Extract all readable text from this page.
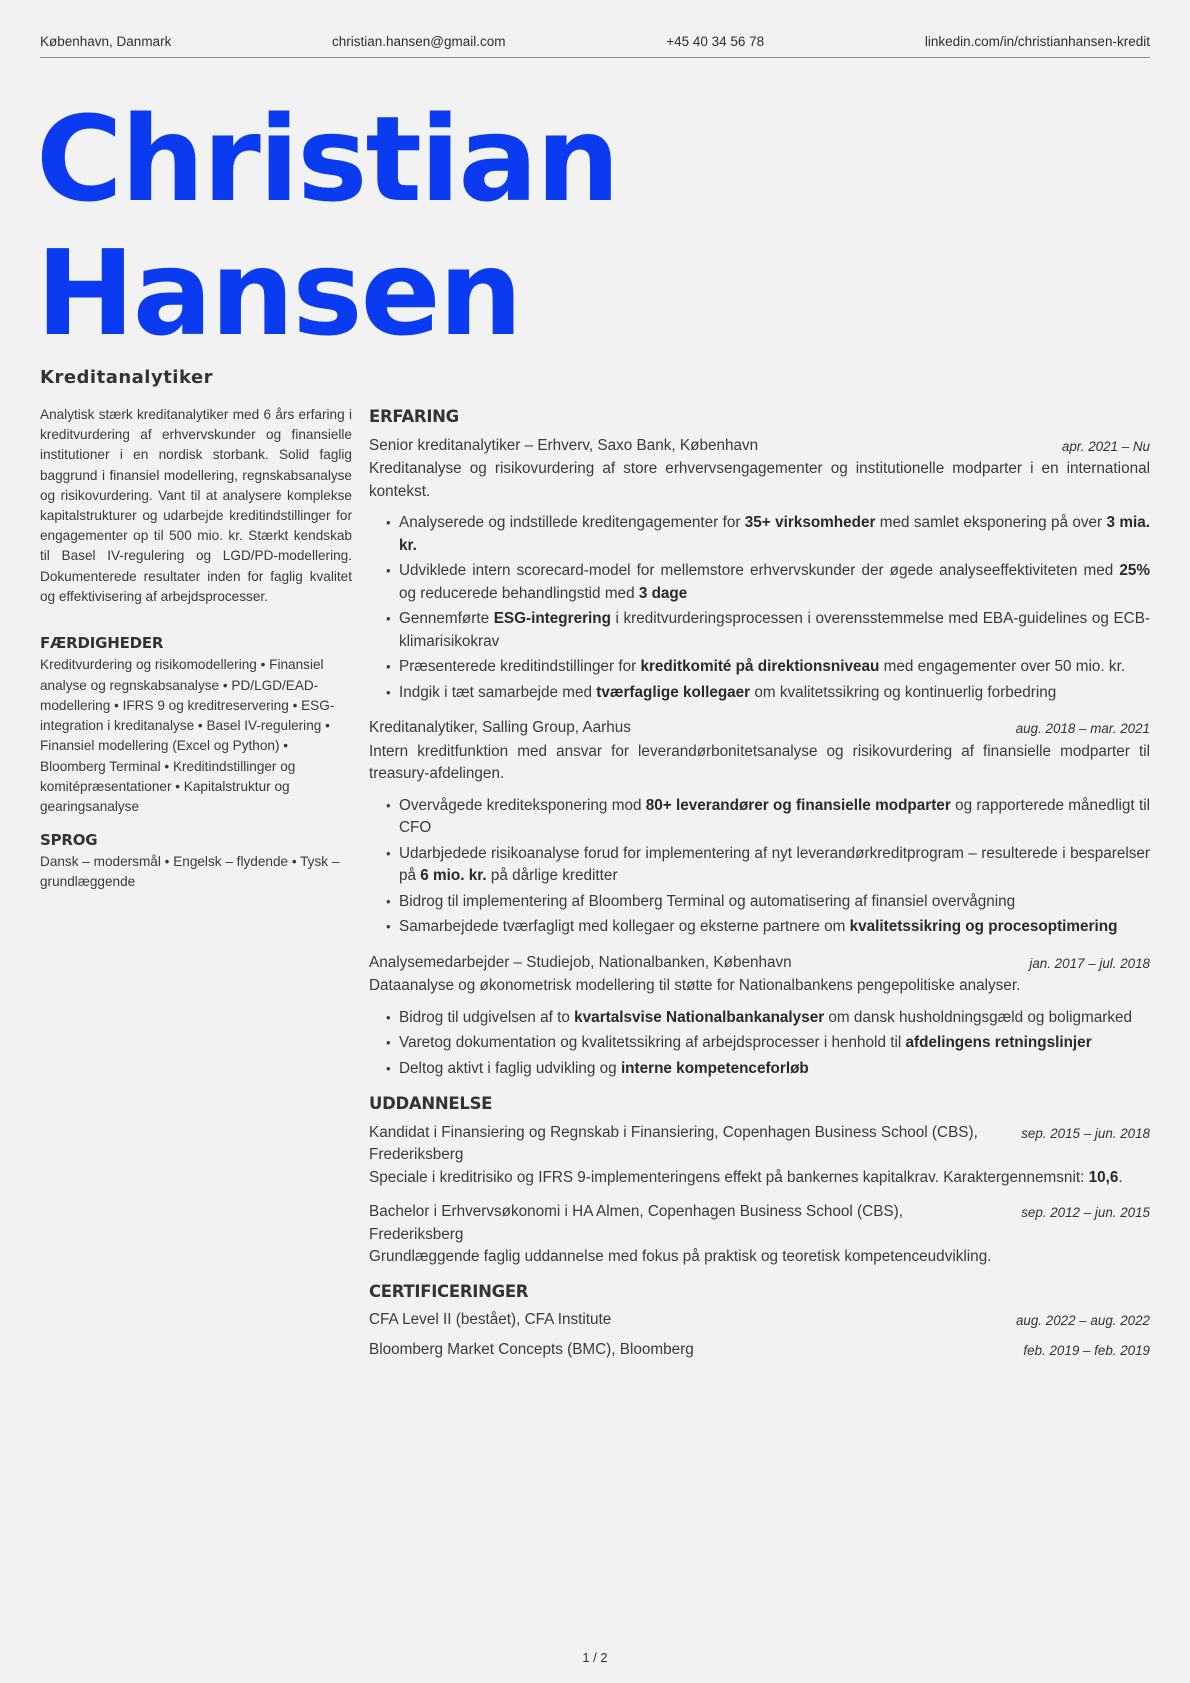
København, Danmark	christian.hansen@gmail.com	+45 40 34 56 78	linkedin.com/in/christianhansen-kredit
Christian
Hansen
Kreditanalytiker

Analytisk stærk kreditanalytiker med 6 års erfaring i kreditvurdering af erhvervskunder og finansielle institutioner i en nordisk storbank. Solid faglig baggrund i finansiel modellering, regnskabsanalyse og risikovurdering. Vant til at analysere komplekse kapitalstrukturer og udarbejde kreditindstillinger for engagementer op til 500 mio. kr. Stærkt kendskab til Basel IV-regulering og LGD/PD-modellering. Dokumenterede resultater inden for faglig kvalitet og effektivisering af arbejdsprocesser.

FÆRDIGHEDER

Kreditvurdering og risikomodellering • Finansiel analyse og regnskabsanalyse • PD/LGD/EAD-modellering • IFRS 9 og kreditreservering • ESG-integration i kreditanalyse • Basel IV-regulering • Finansiel modellering (Excel og Python) • Bloomberg Terminal • Kreditindstillinger og komitépræsentationer • Kapitalstruktur og gearingsanalyse

SPROG

Dansk – modersmål • Engelsk – flydende • Tysk – grundlæggende

ERFARING
Senior kreditanalytiker – Erhverv, Saxo Bank, København	apr. 2021 – Nu
Kreditanalyse og risikovurdering af store erhvervsengagementer og institutionelle modparter i en international kontekst.
• Analyserede og indstillede kreditengagementer for 35+ virksomheder med samlet eksponering på over 3 mia. kr.
• Udviklede intern scorecard-model for mellemstore erhvervskunder der øgede analyseeffektiviteten med 25% og reducerede behandlingstid med 3 dage
• Gennemførte ESG-integrering i kreditvurderingsprocessen i overensstemmelse med EBA-guidelines og ECB-klimarisikokrav
• Præsenterede kreditindstillinger for kreditkomité på direktionsniveau med engagementer over 50 mio. kr.
• Indgik i tæt samarbejde med tværfaglige kollegaer om kvalitetssikring og kontinuerlig forbedring
Kreditanalytiker, Salling Group, Aarhus	aug. 2018 – mar. 2021
Intern kreditfunktion med ansvar for leverandørbonitetsanalyse og risikovurdering af finansielle modparter til treasury-afdelingen.
• Overvågede krediteksponering mod 80+ leverandører og finansielle modparter og rapporterede månedligt til CFO
• Udarbjedede risikoanalyse forud for implementering af nyt leverandørkreditprogram – resulterede i besparelser på 6 mio. kr. på dårlige kreditter
• Bidrog til implementering af Bloomberg Terminal og automatisering af finansiel overvågning
• Samarbejdede tværfagligt med kollegaer og eksterne partnere om kvalitetssikring og procesoptimering
Analysemedarbejder – Studiejob, Nationalbanken, København	jan. 2017 – jul. 2018
Dataanalyse og økonometrisk modellering til støtte for Nationalbankens pengepolitiske analyser.
• Bidrog til udgivelsen af to kvartalsvise Nationalbankanalyser om dansk husholdningsgæld og boligmarked
• Varetog dokumentation og kvalitetssikring af arbejdsprocesser i henhold til afdelingens retningslinjer
• Deltog aktivt i faglig udvikling og interne kompetenceforløb
UDDANNELSE
Kandidat i Finansiering og Regnskab i Finansiering, Copenhagen Business School (CBS), Frederiksberg
sep. 2015 – jun. 2018
Speciale i kreditrisiko og IFRS 9-implementeringens effekt på bankernes kapitalkrav. Karaktergennemsnit: 10,6.
Bachelor i Erhvervsøkonomi i HA Almen, Copenhagen Business School (CBS), Frederiksberg
sep. 2012 – jun. 2015
Grundlæggende faglig uddannelse med fokus på praktisk og teoretisk kompetenceudvikling.
CERTIFICERINGER
CFA Level II (bestået), CFA Institute	aug. 2022 – aug. 2022
Bloomberg Market Concepts (BMC), Bloomberg	feb. 2019 – feb. 2019
1 / 2
